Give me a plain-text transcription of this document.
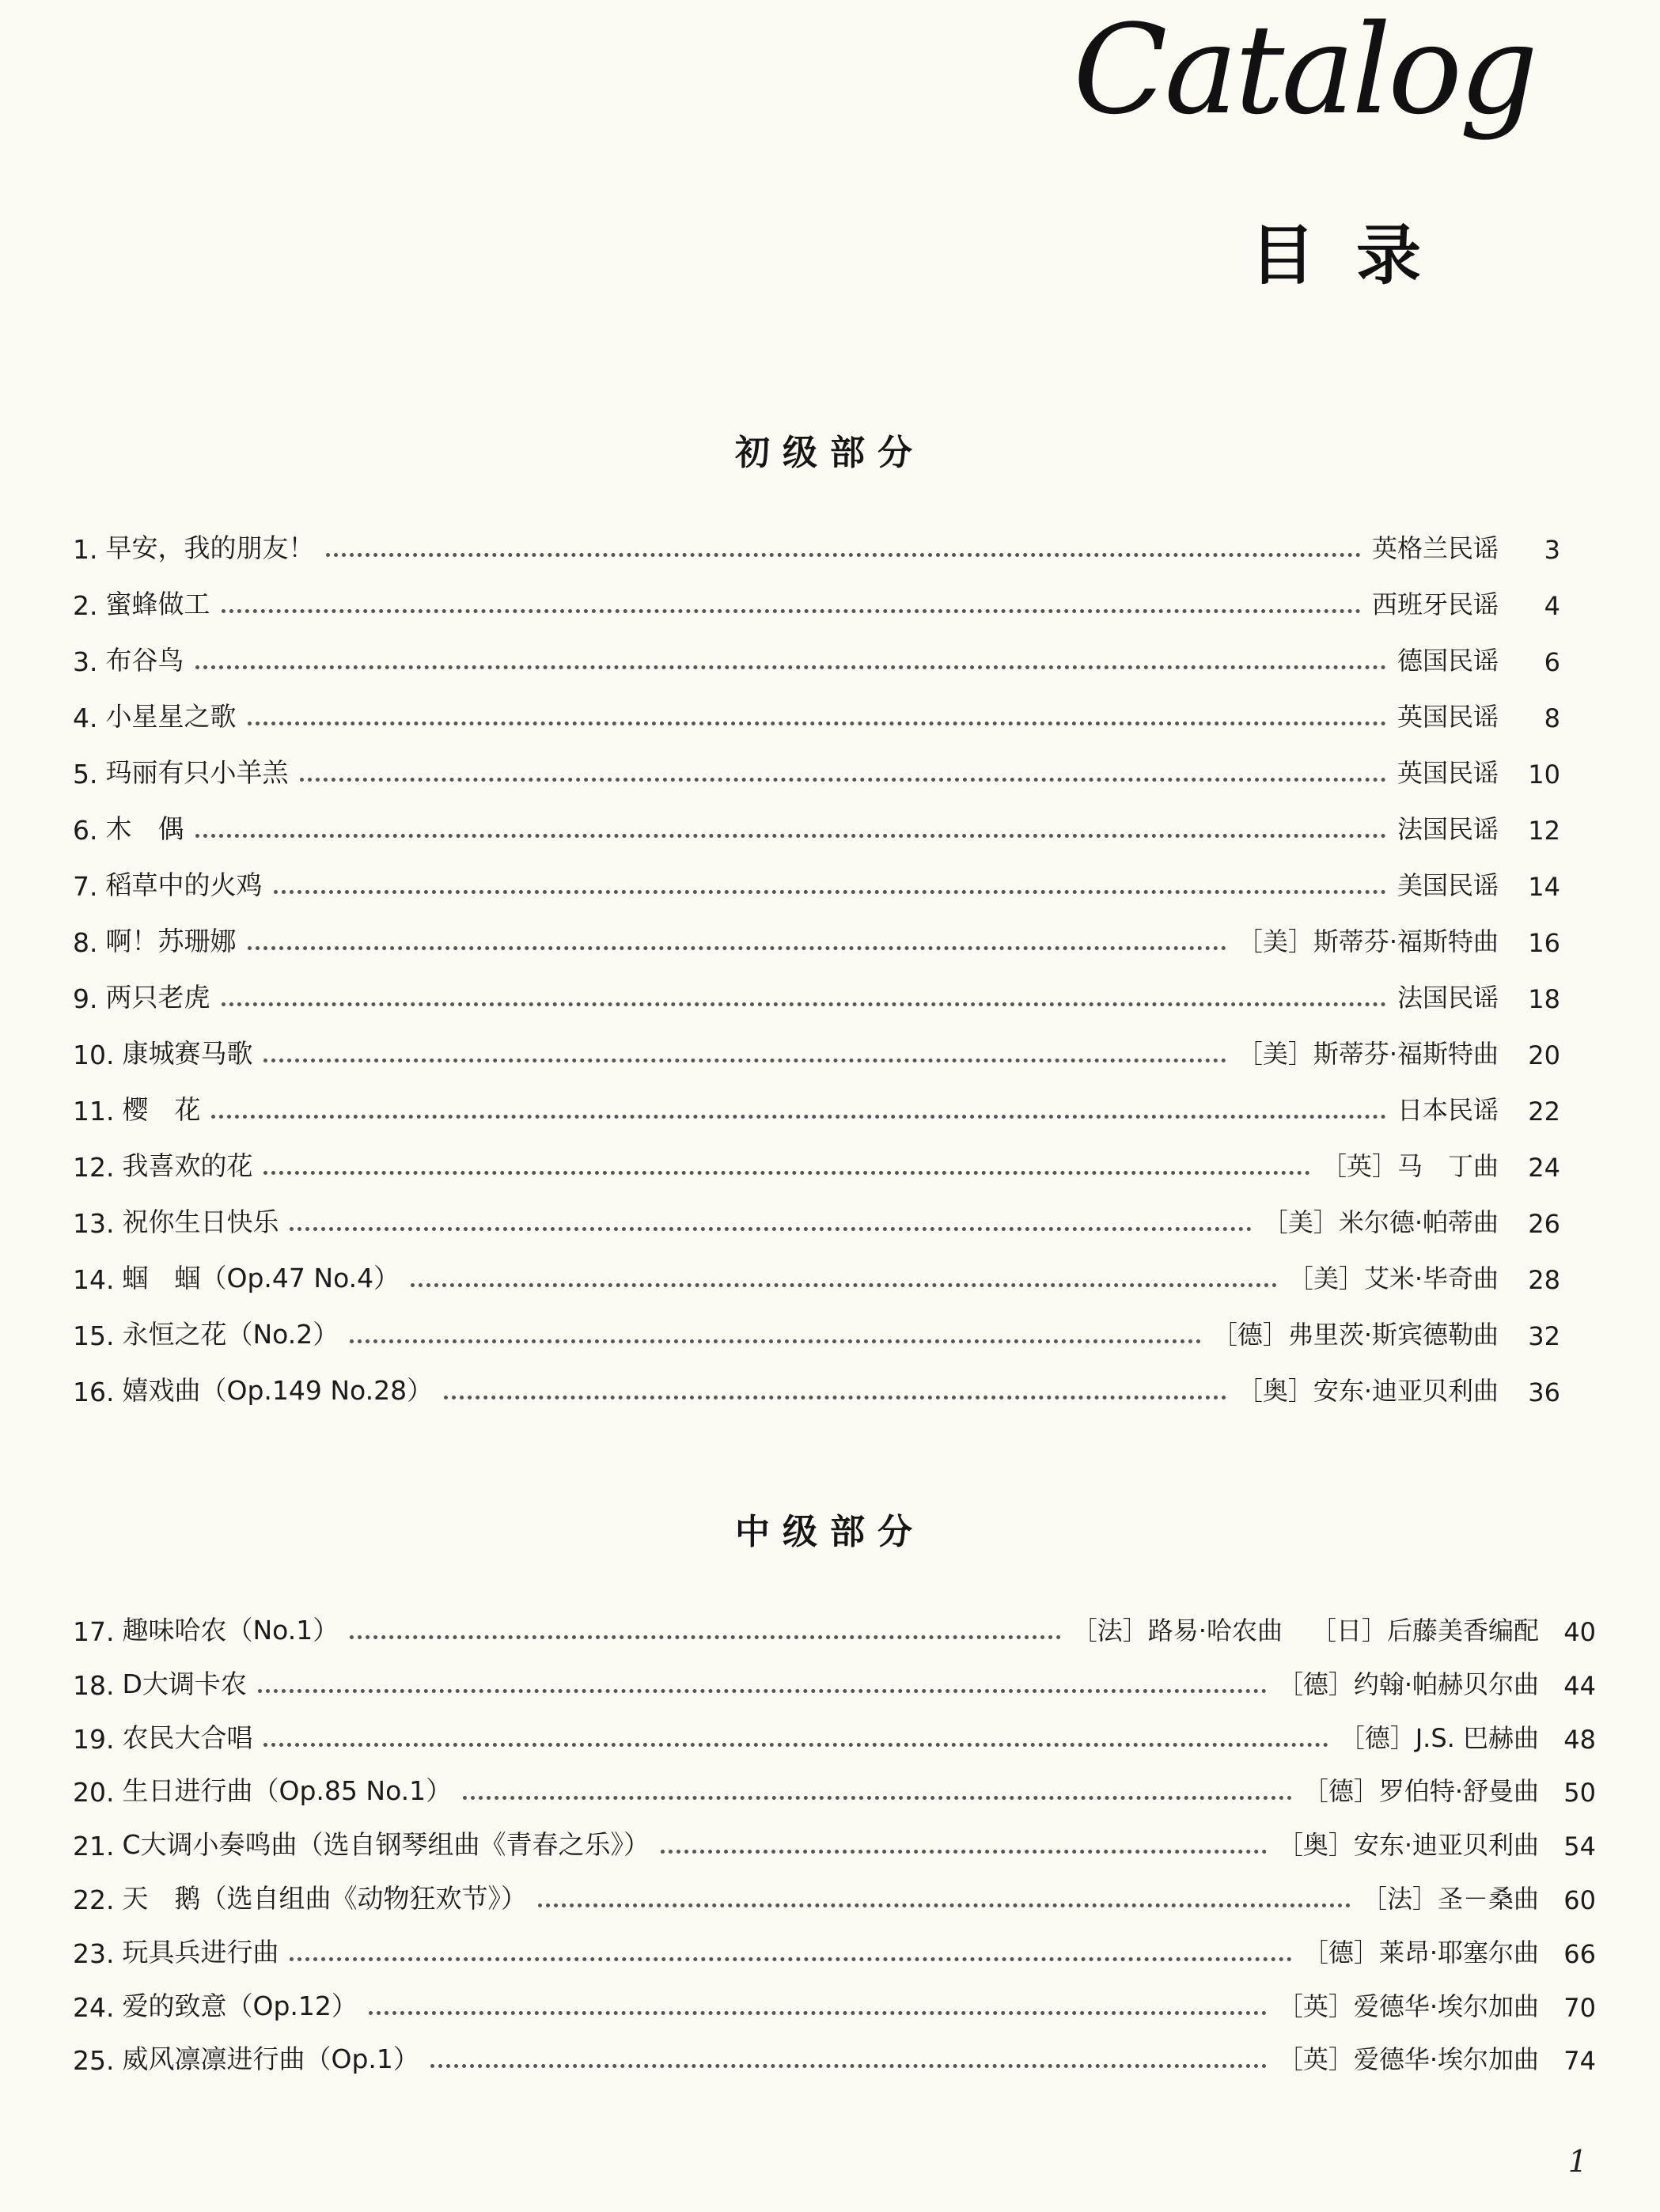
Catalog
目录
初级部分
1. 早安，我的朋友！	英格兰民谣	3
2. 蜜蜂做工	西班牙民谣	4
3. 布谷鸟	德国民谣	6
4. 小星星之歌	英国民谣	8
5. 玛丽有只小羊羔	英国民谣	10
6. 木　偶	法国民谣	12
7. 稻草中的火鸡	美国民谣	14
8. 啊！苏珊娜	［美］斯蒂芬·福斯特曲	16
9. 两只老虎	法国民谣	18
10. 康城赛马歌	［美］斯蒂芬·福斯特曲	20
11. 樱　花	日本民谣	22
12. 我喜欢的花	［英］马　丁曲	24
13. 祝你生日快乐	［美］米尔德·帕蒂曲	26
14. 蝈　蝈（Op.47 No.4）	［美］艾米·毕奇曲	28
15. 永恒之花（No.2）	［德］弗里茨·斯宾德勒曲	32
16. 嬉戏曲（Op.149 No.28）	［奥］安东·迪亚贝利曲	36
中级部分
17. 趣味哈农（No.1）	［法］路易·哈农曲 ［日］后藤美香编配 40
18. D大调卡农	［德］约翰·帕赫贝尔曲 44
19. 农民大合唱	［德］J.S. 巴赫曲 48
20. 生日进行曲（Op.85 No.1）	［德］罗伯特·舒曼曲 50
21. C大调小奏鸣曲（选自钢琴组曲《青春之乐》）	［奥］安东·迪亚贝利曲 54
22. 天　鹅（选自组曲《动物狂欢节》）	［法］圣－桑曲 60
23. 玩具兵进行曲	［德］莱昂·耶塞尔曲 66
24. 爱的致意（Op.12）	［英］爱德华·埃尔加曲 70
25. 威风凛凛进行曲（Op.1）	［英］爱德华·埃尔加曲 74
1
